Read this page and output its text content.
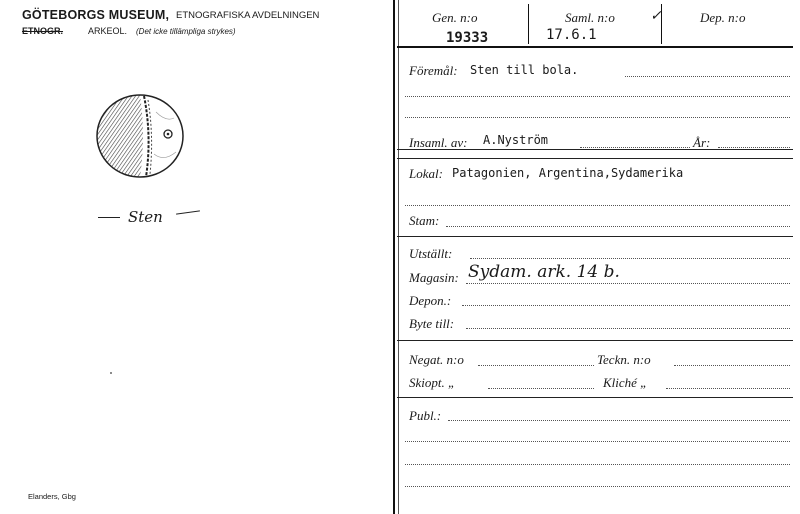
GÖTEBORGS MUSEUM, ETNOGRAFISKA AVDELNINGEN
ETNOGR.	ARKEOL. (Det icke tillämpliga strykes)
Sten
Elanders, Gbg
Gen. n:o
19333
Saml. n:o
17.6.1
✓	Dep. n:o
Föremål: Sten till bola.
Insaml. av: A.Nyström	År:
Lokal: Patagonien, Argentina,Sydamerika
Stam:
Utställt:
Magasin: Sydam. ark. 14 b.
Depon.:
Byte till:
Negat. n:o	Teckn. n:o
Skiopt. „	Kliché „
Publ.:
